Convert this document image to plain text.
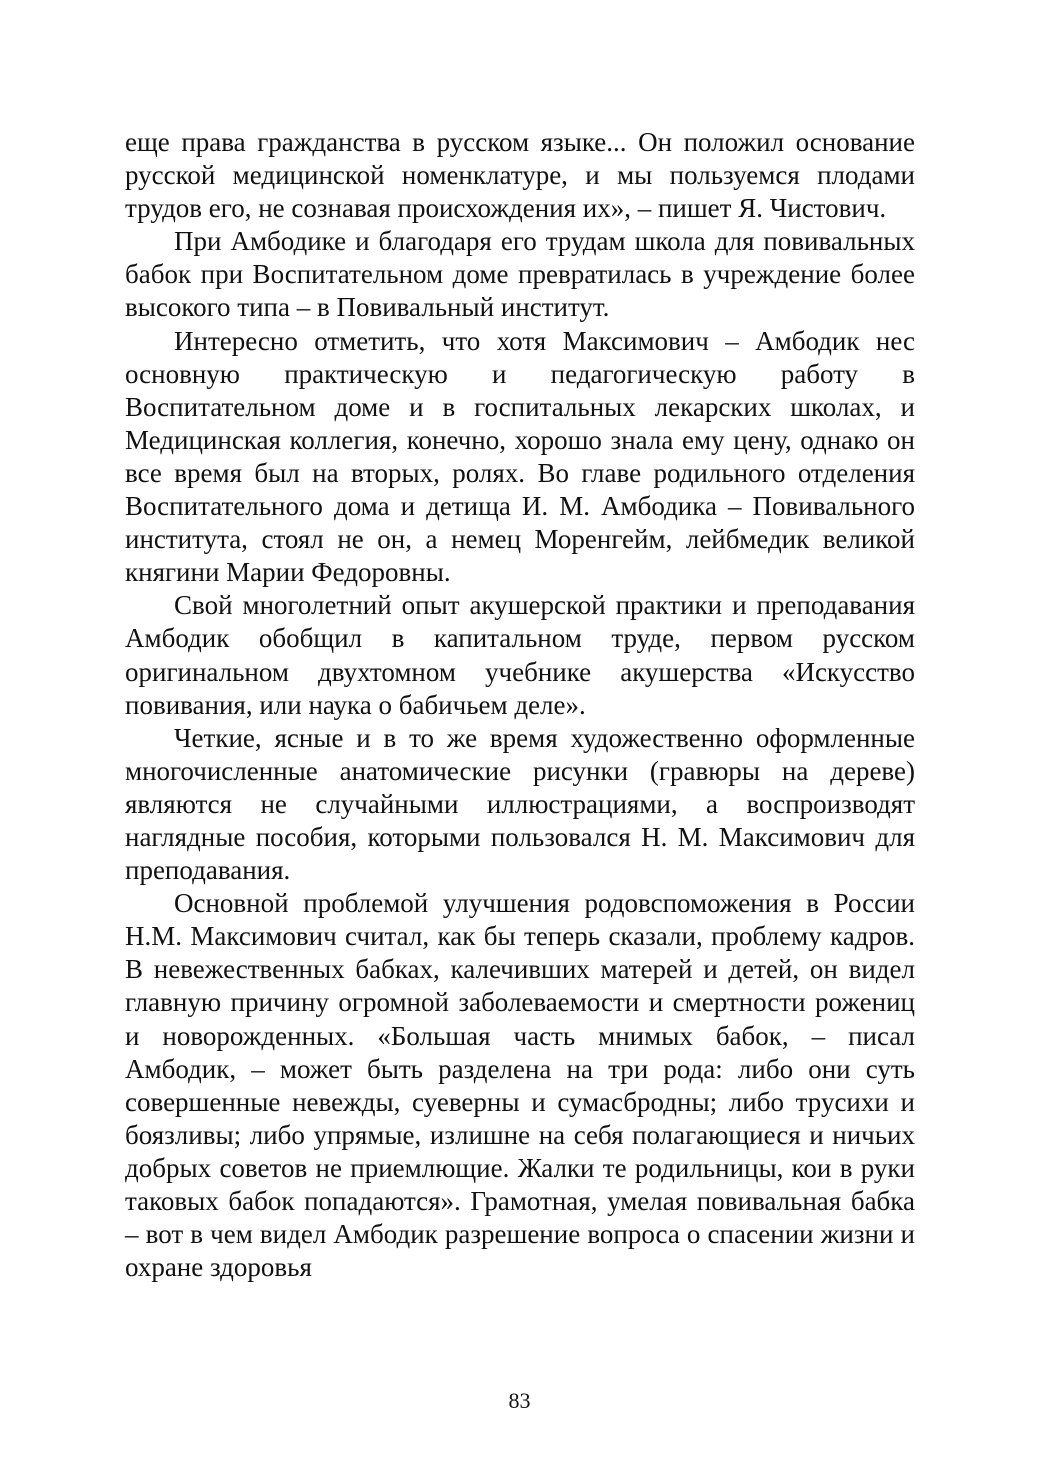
еще права гражданства в русском языке... Он положил основание русской медицинской номенклатуре, и мы пользуемся плодами трудов его, не сознавая происхождения их», – пишет Я. Чистович.

При Амбодике и благодаря его трудам школа для повивальных бабок при Воспитательном доме превратилась в учреждение более высокого типа – в Повивальный институт.

Интересно отметить, что хотя Максимович – Амбодик нес основную практическую и педагогическую работу в Воспитательном доме и в госпитальных лекарских школах, и Медицинская коллегия, конечно, хорошо знала ему цену, однако он все время был на вторых, ролях. Во главе родильного отделения Воспитательного дома и детища И. М. Амбодика – Повивального института, стоял не он, а немец Моренгейм, лейбмедик великой княгини Марии Федоровны.

Свой многолетний опыт акушерской практики и преподавания Амбодик обобщил в капитальном труде, первом русском оригинальном двухтомном учебнике акушерства «Искусство повивания, или наука о бабичьем деле».

Четкие, ясные и в то же время художественно оформленные многочисленные анатомические рисунки (гравюры на дереве) являются не случайными иллюстрациями, а воспроизводят наглядные пособия, которыми пользовался Н. М. Максимович для преподавания.

Основной проблемой улучшения родовспоможения в России Н.М. Максимович считал, как бы теперь сказали, проблему кадров. В невежественных бабках, калечивших матерей и детей, он видел главную причину огромной заболеваемости и смертности рожениц и новорожденных. «Большая часть мнимых бабок, – писал Амбодик, – может быть разделена на три рода: либо они суть совершенные невежды, суеверны и сумасбродны; либо трусихи и боязливы; либо упрямые, излишне на себя полагающиеся и ничьих добрых советов не приемлющие. Жалки те родильницы, кои в руки таковых бабок попадаются». Грамотная, умелая повивальная бабка – вот в чем видел Амбодик разрешение вопроса о спасении жизни и охране здоровья

83
